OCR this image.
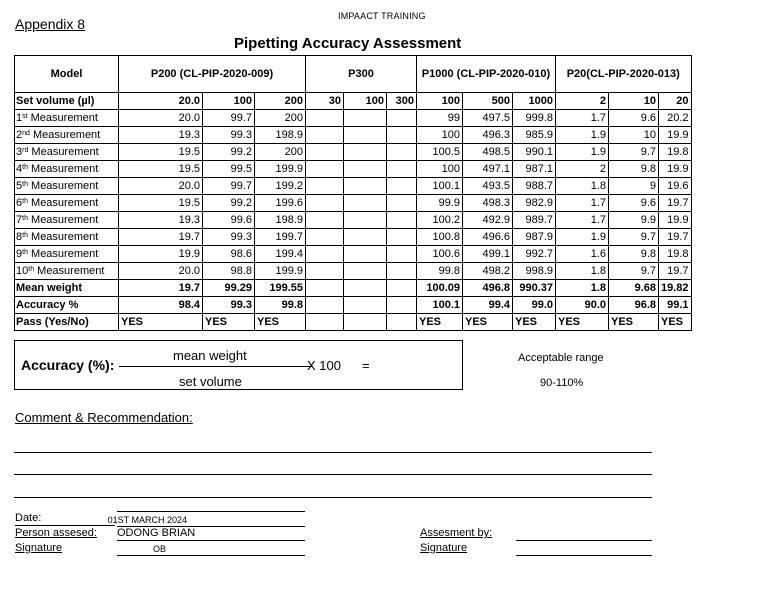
IMPAACT TRAINING
Appendix 8
Pipetting Accuracy Assessment
Model	P200 (CL-PIP-2020-009)			P300			P1000 (CL-PIP-2020-010)			P20(CL-PIP-2020-013)		
Set volume (µl)	20.0	100	200	30	100	300	100	500	1000	2	10	20
1st Measurement	20.0	99.7	200				99	497.5	999.8	1.7	9.6	20.2
2nd Measurement	19.3	99.3	198.9				100	496.3	985.9	1.9	10	19.9
3rd Measurement	19.5	99.2	200				100.5	498.5	990.1	1.9	9.7	19.8
4th Measurement	19.5	99.5	199.9				100	497.1	987.1	2	9.8	19.9
5th Measurement	20.0	99.7	199.2				100.1	493.5	988.7	1.8	9	19.6
6th Measurement	19.5	99.2	199.6				99.9	498.3	982.9	1.7	9.6	19.7
7th Measurement	19.3	99.6	198.9				100.2	492.9	989.7	1.7	9.9	19.9
8th Measurement	19.7	99.3	199.7				100.8	496.6	987.9	1.9	9.7	19.7
9th Measurement	19.9	98.6	199.4				100.6	499.1	992.7	1.6	9.8	19.8
10th Measurement	20.0	98.8	199.9				99.8	498.2	998.9	1.8	9.7	19.7
Mean weight	19.7	99.29	199.55				100.09	496.8	990.37	1.8	9.68	19.82
Accuracy %	98.4	99.3	99.8				100.1	99.4	99.0	90.0	96.8	99.1
Pass (Yes/No)	YES	YES	YES				YES	YES	YES	YES	YES	YES
Accuracy (%):
mean weight
set volume
X 100 =	Acceptable range
90-110%
Comment & Recommendation:
Date:	01ST MARCH 2024
Person assesed: ODONG BRIAN
Signature	OB
Assesment by:
Signature
